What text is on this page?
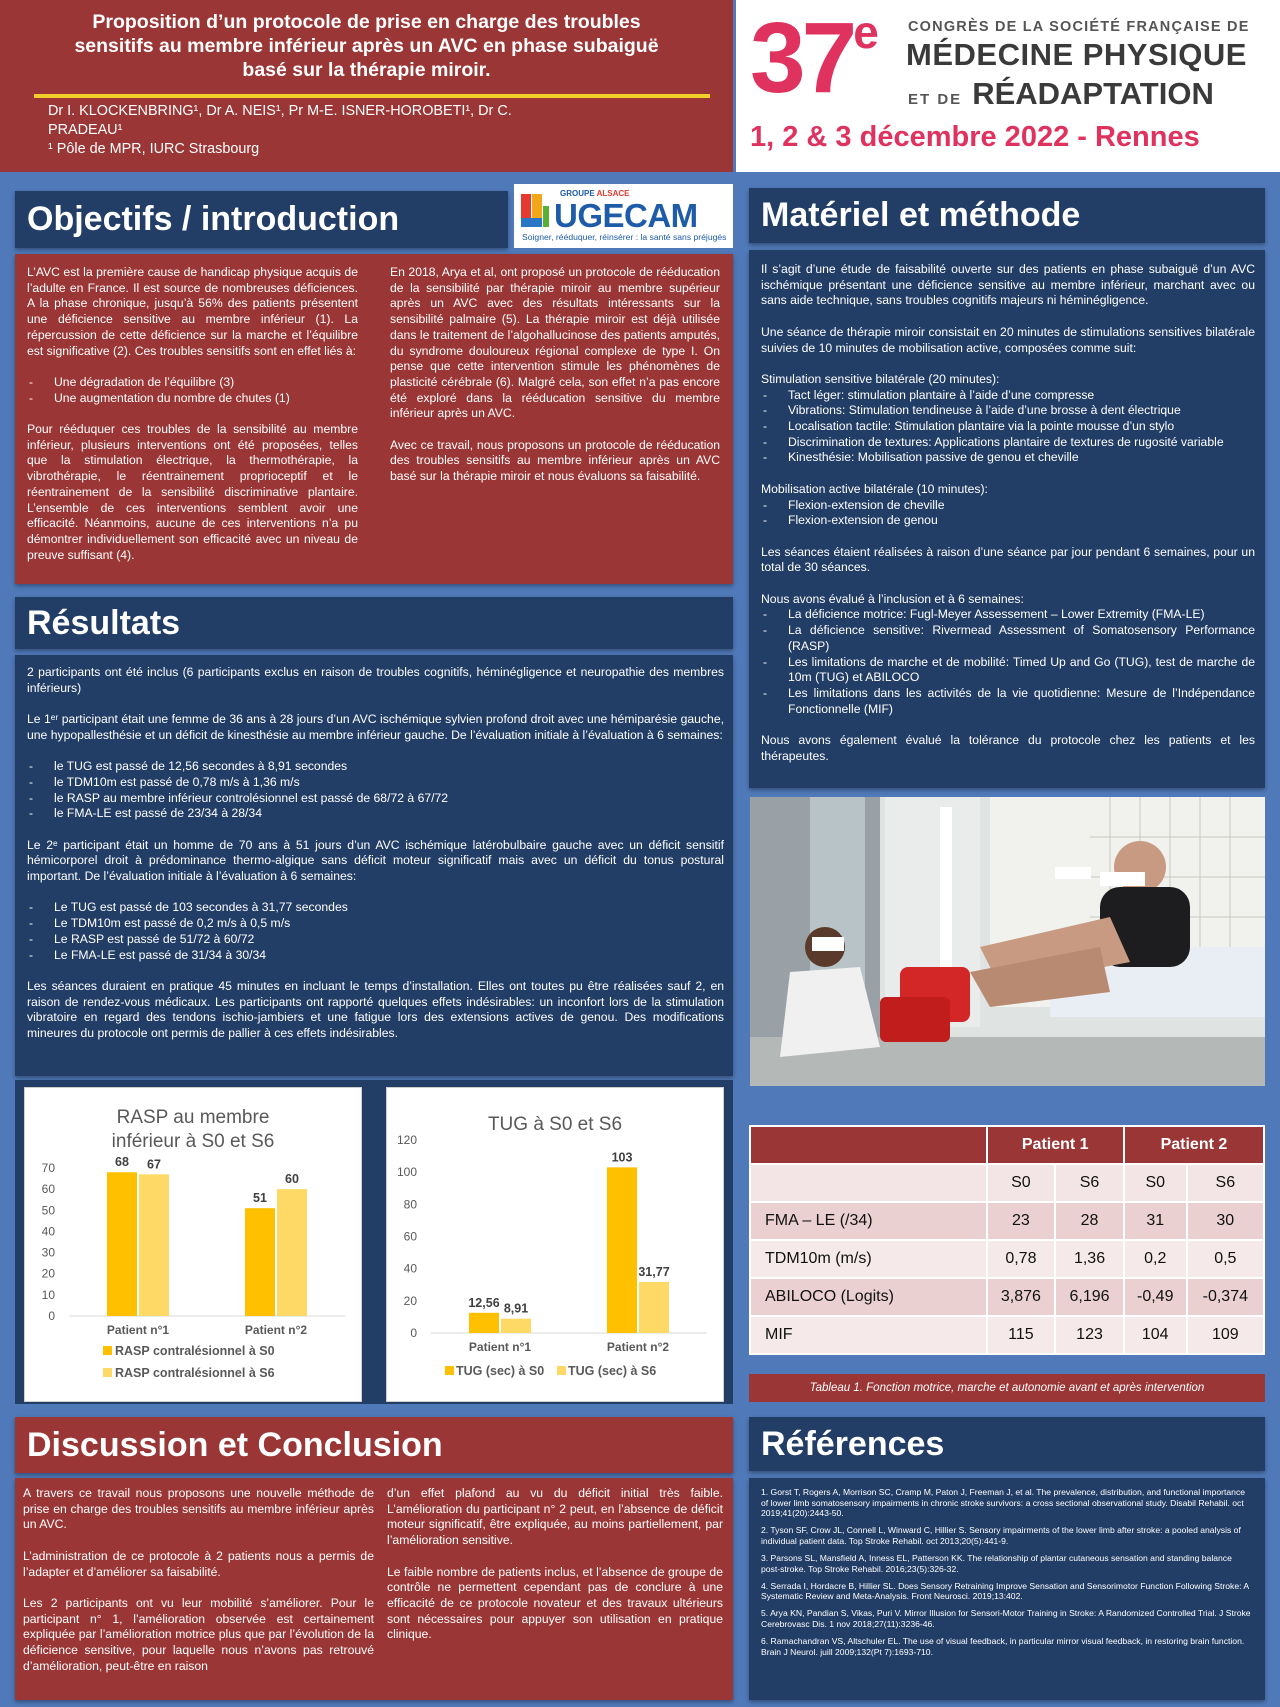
Proposition d’un protocole de prise en charge des troubles
sensitifs au membre inférieur après un AVC en phase subaiguë
basé sur la thérapie miroir.
Dr I. KLOCKENBRING¹, Dr A. NEIS¹, Pr M-E. ISNER-HOROBETI¹, Dr C.
PRADEAU¹
¹ Pôle de MPR, IURC Strasbourg
37e CONGRÈS DE LA SOCIÉTÉ FRANÇAISE DE
MÉDECINE PHYSIQUE
ET DE RÉADAPTATION
1, 2 & 3 décembre 2022 - Rennes
Objectifs / introduction
GROUPE ALSACE
UGECAM
Soigner, rééduquer, réinsérer : la santé sans préjugés

L’AVC est la première cause de handicap physique acquis de l’adulte en France. Il est source de nombreuses déficiences. A la phase chronique, jusqu’à 56% des patients présentent une déficience sensitive au membre inférieur (1). La répercussion de cette déficience sur la marche et l’équilibre est significative (2). Ces troubles sensitifs sont en effet liés à:

- Une dégradation de l’équilibre (3)
- Une augmentation du nombre de chutes (1)

Pour rééduquer ces troubles de la sensibilité au membre inférieur, plusieurs interventions ont été proposées, telles que la stimulation électrique, la thermothérapie, la vibrothérapie, le réentrainement proprioceptif et le réentrainement de la sensibilité discriminative plantaire. L’ensemble de ces interventions semblent avoir une efficacité. Néanmoins, aucune de ces interventions n’a pu démontrer individuellement son efficacité avec un niveau de preuve suffisant (4).

En 2018, Arya et al, ont proposé un protocole de rééducation de la sensibilité par thérapie miroir au membre supérieur après un AVC avec des résultats intéressants sur la sensibilité palmaire (5). La thérapie miroir est déjà utilisée dans le traitement de l’algohallucinose des patients amputés, du syndrome douloureux régional complexe de type I. On pense que cette intervention stimule les phénomènes de plasticité cérébrale (6). Malgré cela, son effet n’a pas encore été exploré dans la rééducation sensitive du membre inférieur après un AVC.

Avec ce travail, nous proposons un protocole de rééducation des troubles sensitifs au membre inférieur après un AVC basé sur la thérapie miroir et nous évaluons sa faisabilité.

Résultats

2 participants ont été inclus (6 participants exclus en raison de troubles cognitifs, héminégligence et neuropathie des membres inférieurs)

Le 1ᵉʳ participant était une femme de 36 ans à 28 jours d’un AVC ischémique sylvien profond droit avec une hémiparésie gauche, une hypopallesthésie et un déficit de kinesthésie au membre inférieur gauche. De l’évaluation initiale à l’évaluation à 6 semaines:

- le TUG est passé de 12,56 secondes à 8,91 secondes
- le TDM10m est passé de 0,78 m/s à 1,36 m/s
- le RASP au membre inférieur controlésionnel est passé de 68/72 à 67/72
- le FMA-LE est passé de 23/34 à 28/34

Le 2ᵉ participant était un homme de 70 ans à 51 jours d’un AVC ischémique latérobulbaire gauche avec un déficit sensitif hémicorporel droit à prédominance thermo-algique sans déficit moteur significatif mais avec un déficit du tonus postural important. De l’évaluation initiale à l’évaluation à 6 semaines:

- Le TUG est passé de 103 secondes à 31,77 secondes
- Le TDM10m est passé de 0,2 m/s à 0,5 m/s
- Le RASP est passé de 51/72 à 60/72
- Le FMA-LE est passé de 31/34 à 30/34

Les séances duraient en pratique 45 minutes en incluant le temps d’installation. Elles ont toutes pu être réalisées sauf 2, en raison de rendez-vous médicaux. Les participants ont rapporté quelques effets indésirables: un inconfort lors de la stimulation vibratoire en regard des tendons ischio-jambiers et une fatigue lors des extensions actives de genou. Des modifications mineures du protocole ont permis de pallier à ces effets indésirables.

RASP au membre
inférieur à S0 et S6
0
10
20
30
40
50
60
70	68 67
Patient n°1
51
60
Patient n°2
RASP contralésionnel à S0
RASP contralésionnel à S6
TUG à S0 et S6
0
20
40
60
80
100
120
12,56 8,91
Patient n°1
103
31,77
Patient n°2
TUG (sec) à S0 TUG (sec) à S6
Discussion et Conclusion

A travers ce travail nous proposons une nouvelle méthode de prise en charge des troubles sensitifs au membre inférieur après un AVC.

L’administration de ce protocole à 2 patients nous a permis de l’adapter et d’améliorer sa faisabilité.

Les 2 participants ont vu leur mobilité s’améliorer. Pour le participant n° 1, l’amélioration observée est certainement expliquée par l’amélioration motrice plus que par l’évolution de la déficience sensitive, pour laquelle nous n’avons pas retrouvé d’amélioration, peut-être en raison

d’un effet plafond au vu du déficit initial très faible. L’amélioration du participant n° 2 peut, en l’absence de déficit moteur significatif, être expliquée, au moins partiellement, par l’amélioration sensitive.

Le faible nombre de patients inclus, et l’absence de groupe de contrôle ne permettent cependant pas de conclure à une efficacité de ce protocole novateur et des travaux ultérieurs sont nécessaires pour appuyer son utilisation en pratique clinique.

Matériel et méthode

Il s’agit d’une étude de faisabilité ouverte sur des patients en phase subaiguë d’un AVC ischémique présentant une déficience sensitive au membre inférieur, marchant avec ou sans aide technique, sans troubles cognitifs majeurs ni héminégligence.

Une séance de thérapie miroir consistait en 20 minutes de stimulations sensitives bilatérale suivies de 10 minutes de mobilisation active, composées comme suit:

Stimulation sensitive bilatérale (20 minutes):
- Tact léger: stimulation plantaire à l’aide d’une compresse
- Vibrations: Stimulation tendineuse à l’aide d’une brosse à dent électrique
- Localisation tactile: Stimulation plantaire via la pointe mousse d’un stylo
- Discrimination de textures: Applications plantaire de textures de rugosité variable
- Kinesthésie: Mobilisation passive de genou et cheville
Mobilisation active bilatérale (10 minutes):
- Flexion-extension de cheville
- Flexion-extension de genou

Les séances étaient réalisées à raison d’une séance par jour pendant 6 semaines, pour un total de 30 séances.

Nous avons évalué à l’inclusion et à 6 semaines:
- La déficience motrice: Fugl-Meyer Assessement – Lower Extremity (FMA-LE)
- La déficience sensitive: Rivermead Assessment of Somatosensory Performance (RASP)
- Les limitations de marche et de mobilité: Timed Up and Go (TUG), test de marche de 10m (TUG) et ABILOCO
- Les limitations dans les activités de la vie quotidienne: Mesure de l’Indépendance Fonctionnelle (MIF)

Nous avons également évalué la tolérance du protocole chez les patients et les thérapeutes.

	Patient 1		Patient 2	
	S0	S6	S0	S6
FMA – LE (/34)	23	28	31	30
TDM10m (m/s)	0,78	1,36	0,2	0,5
ABILOCO (Logits)	3,876	6,196	-0,49	-0,374
MIF	115	123	104	109
Tableau 1. Fonction motrice, marche et autonomie avant et après intervention
Références

1. Gorst T, Rogers A, Morrison SC, Cramp M, Paton J, Freeman J, et al. The prevalence, distribution, and functional importance of lower limb somatosensory impairments in chronic stroke survivors: a cross sectional observational study. Disabil Rehabil. oct 2019;41(20):2443-50.

2. Tyson SF, Crow JL, Connell L, Winward C, Hillier S. Sensory impairments of the lower limb after stroke: a pooled analysis of individual patient data. Top Stroke Rehabil. oct 2013;20(5):441-9.

3. Parsons SL, Mansfield A, Inness EL, Patterson KK. The relationship of plantar cutaneous sensation and standing balance post-stroke. Top Stroke Rehabil. 2016;23(5):326-32.

4. Serrada I, Hordacre B, Hillier SL. Does Sensory Retraining Improve Sensation and Sensorimotor Function Following Stroke: A Systematic Review and Meta-Analysis. Front Neurosci. 2019;13:402.

5. Arya KN, Pandian S, Vikas, Puri V. Mirror Illusion for Sensori-Motor Training in Stroke: A Randomized Controlled Trial. J Stroke Cerebrovasc Dis. 1 nov 2018;27(11):3236-46.

6. Ramachandran VS, Altschuler EL. The use of visual feedback, in particular mirror visual feedback, in restoring brain function. Brain J Neurol. juill 2009;132(Pt 7):1693-710.
